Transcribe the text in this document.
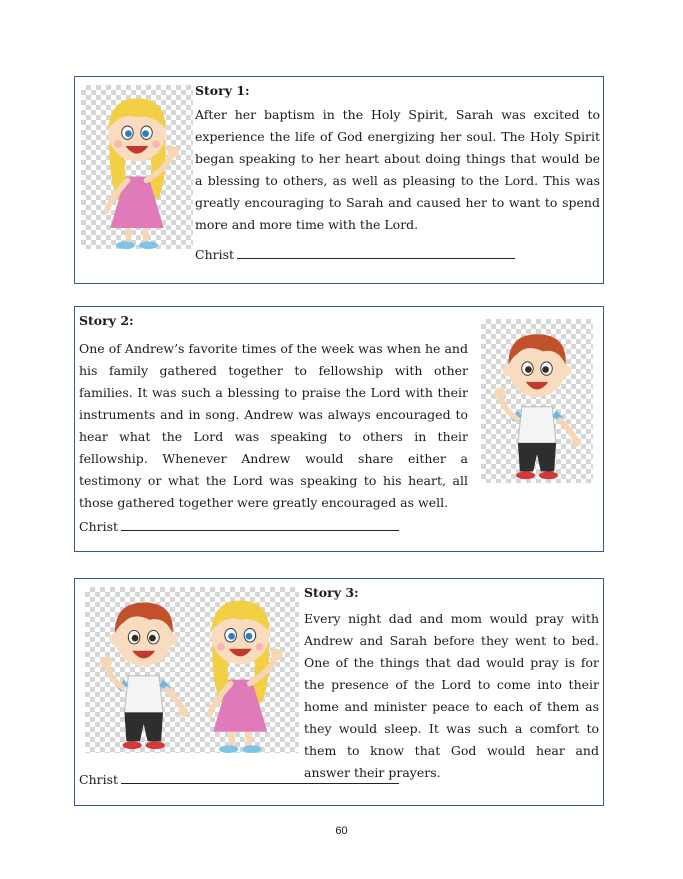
Story 1:
After her baptism in the Holy Spirit, Sarah was excited to experience the life of God energizing her soul. The Holy Spirit began speaking to her heart about doing things that would be a blessing to others, as well as pleasing to the Lord. This was greatly encouraging to Sarah and caused her to want to spend more and more time with the Lord.
Christ
Story 2:
One of Andrew’s favorite times of the week was when he and his family gathered together to fellowship with other families. It was such a blessing to praise the Lord with their instruments and in song. Andrew was always encouraged to hear what the Lord was speaking to others in their fellowship. Whenever Andrew would share either a testimony or what the Lord was speaking to his heart, all those gathered together were greatly encouraged as well.
Christ
Story 3:
Every night dad and mom would pray with Andrew and Sarah before they went to bed. One of the things that dad would pray is for the presence of the Lord to come into their home and minister peace to each of them as they would sleep. It was such a comfort to them to know that God would hear and answer their prayers.
Christ
60
